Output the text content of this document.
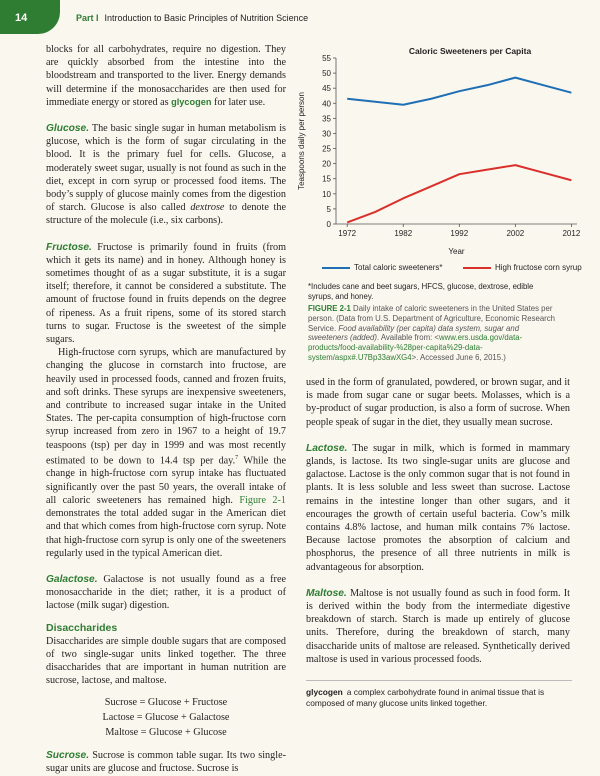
14	Part I Introduction to Basic Principles of Nutrition Science

blocks for all carbohydrates, require no digestion. They are quickly absorbed from the intestine into the bloodstream and transported to the liver. Energy demands will determine if the monosaccharides are then used for immediate energy or stored as glycogen for later use.

Glucose. The basic single sugar in human metabolism is glucose, which is the form of sugar circulating in the blood. It is the primary fuel for cells. Glucose, a moderately sweet sugar, usually is not found as such in the diet, except in corn syrup or processed food items. The body’s supply of glucose mainly comes from the digestion of starch. Glucose is also called dextrose to denote the structure of the molecule (i.e., six carbons).

Fructose. Fructose is primarily found in fruits (from which it gets its name) and in honey. Although honey is sometimes thought of as a sugar substitute, it is a sugar itself; therefore, it cannot be considered a substitute. The amount of fructose found in fruits depends on the degree of ripeness. As a fruit ripens, some of its stored starch turns to sugar. Fructose is the sweetest of the simple sugars.

High-fructose corn syrups, which are manufactured by changing the glucose in cornstarch into fructose, are heavily used in processed foods, canned and frozen fruits, and soft drinks. These syrups are inexpensive sweeteners, and contribute to increased sugar intake in the United States. The per-capita consumption of high-fructose corn syrup increased from zero in 1967 to a height of 19.7 teaspoons (tsp) per day in 1999 and was most recently estimated to be down to 14.4 tsp per day.$^7$ While the change in high-fructose corn syrup intake has fluctuated significantly over the past 50 years, the overall intake of all caloric sweeteners has remained high. Figure 2-1 demonstrates the total added sugar in the American diet and that which comes from high-fructose corn syrup. Note that high-fructose corn syrup is only one of the sweeteners regularly used in the typical American diet.

Galactose. Galactose is not usually found as a free monosaccharide in the diet; rather, it is a product of lactose (milk sugar) digestion.

Disaccharides

Disaccharides are simple double sugars that are composed of two single-sugar units linked together. The three disaccharides that are important in human nutrition are sucrose, lactose, and maltose.

Sucrose = Glucose + Fructose
Lactose = Glucose + Galactose
Maltose = Glucose + Glucose

Sucrose. Sucrose is common table sugar. Its two single-sugar units are glucose and fructose. Sucrose is

Caloric Sweeteners per Capita
0
5
10
15
20
25
30
35
40
45
50
55
1972	1982	1992	2002	2012
Teaspoons daily per person
Year
Total caloric sweeteners*	High fructose corn syrup
*Includes cane and beet sugars, HFCS, glucose, dextrose, edible syrups, and honey.
FIGURE 2-1 Daily intake of caloric sweeteners in the United States per person. (Data from U.S. Department of Agriculture, Economic Research Service. Food availability (per capita) data system, sugar and sweeteners (added). Available from: <www.ers.usda.gov/data-products/food-availability-%28per-capita%29-data-system/aspx#.U7Bp33awXG4>. Accessed June 6, 2015.)

used in the form of granulated, powdered, or brown sugar, and it is made from sugar cane or sugar beets. Molasses, which is a by-product of sugar production, is also a form of sucrose. When people speak of sugar in the diet, they usually mean sucrose.

Lactose. The sugar in milk, which is formed in mammary glands, is lactose. Its two single-sugar units are glucose and galactose. Lactose is the only common sugar that is not found in plants. It is less soluble and less sweet than sucrose. Lactose remains in the intestine longer than other sugars, and it encourages the growth of certain useful bacteria. Cow’s milk contains 4.8% lactose, and human milk contains 7% lactose. Because lactose promotes the absorption of calcium and phosphorus, the presence of all three nutrients in milk is advantageous for absorption.

Maltose. Maltose is not usually found as such in food form. It is derived within the body from the intermediate digestive breakdown of starch. Starch is made up entirely of glucose units. Therefore, during the breakdown of starch, many disaccharide units of maltose are released. Synthetically derived maltose is used in various processed foods.

glycogen a complex carbohydrate found in animal tissue that is composed of many glucose units linked together.
